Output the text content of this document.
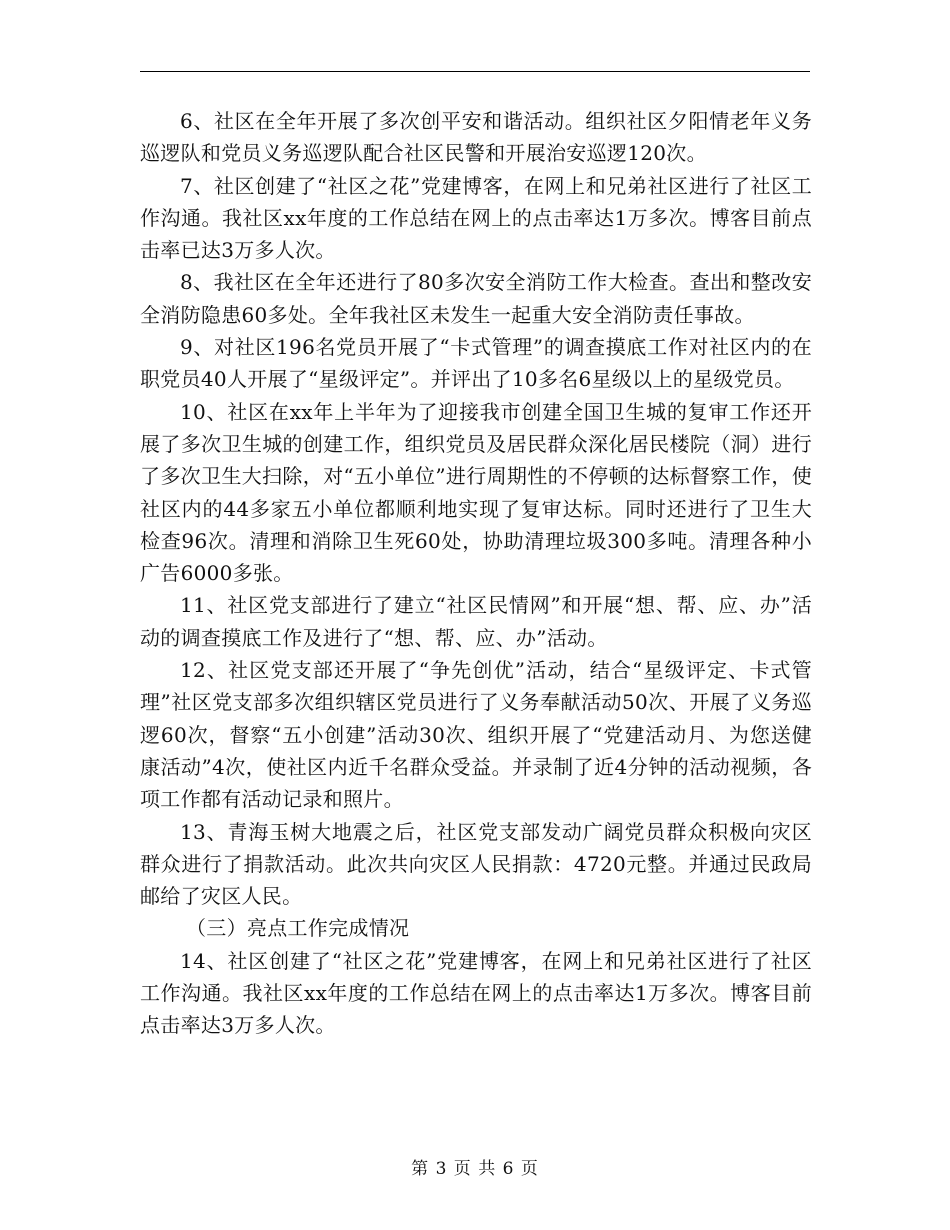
6、社区在全年开展了多次创平安和谐活动。组织社区夕阳情老年义务巡逻队和党员义务巡逻队配合社区民警和开展治安巡逻120次。

7、社区创建了“社区之花”党建博客，在网上和兄弟社区进行了社区工作沟通。我社区xx年度的工作总结在网上的点击率达1万多次。博客目前点击率已达3万多人次。

8、我社区在全年还进行了80多次安全消防工作大检查。查出和整改安全消防隐患60多处。全年我社区未发生一起重大安全消防责任事故。

9、对社区196名党员开展了“卡式管理”的调查摸底工作对社区内的在职党员40人开展了“星级评定”。并评出了10多名6星级以上的星级党员。

10、社区在xx年上半年为了迎接我市创建全国卫生城的复审工作还开展了多次卫生城的创建工作，组织党员及居民群众深化居民楼院（洞）进行了多次卫生大扫除，对“五小单位”进行周期性的不停顿的达标督察工作，使社区内的44多家五小单位都顺利地实现了复审达标。同时还进行了卫生大检查96次。清理和消除卫生死60处，协助清理垃圾300多吨。清理各种小广告6000多张。

11、社区党支部进行了建立“社区民情网”和开展“想、帮、应、办”活动的调查摸底工作及进行了“想、帮、应、办”活动。

12、社区党支部还开展了“争先创优”活动，结合“星级评定、卡式管理”社区党支部多次组织辖区党员进行了义务奉献活动50次、开展了义务巡逻60次，督察“五小创建”活动30次、组织开展了“党建活动月、为您送健康活动”4次，使社区内近千名群众受益。并录制了近4分钟的活动视频，各项工作都有活动记录和照片。

13、青海玉树大地震之后，社区党支部发动广阔党员群众积极向灾区群众进行了捐款活动。此次共向灾区人民捐款：4720元整。并通过民政局邮给了灾区人民。

（三）亮点工作完成情况

14、社区创建了“社区之花”党建博客，在网上和兄弟社区进行了社区工作沟通。我社区xx年度的工作总结在网上的点击率达1万多次。博客目前点击率达3万多人次。

第 3 页 共 6 页
